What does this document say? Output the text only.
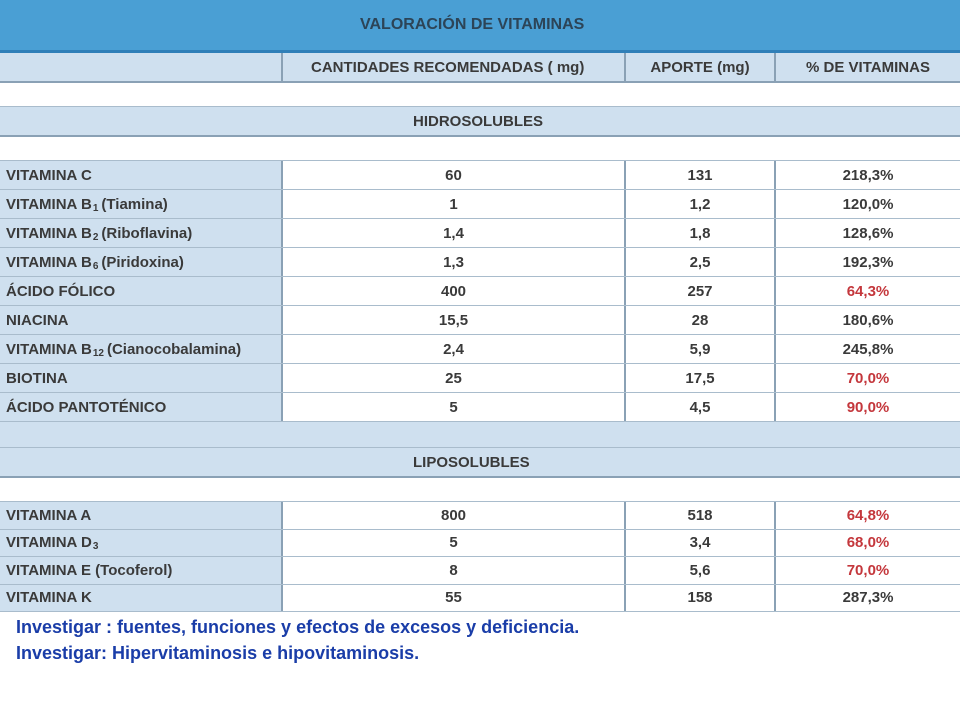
VALORACIÓN DE VITAMINAS
CANTIDADES RECOMENDADAS ( mg)	APORTE (mg)	% DE VITAMINAS
HIDROSOLUBLES
VITAMINA C	60	131	218,3%
VITAMINA B 1 (Tiamina)	1	1,2	120,0%
VITAMINA B 2 (Riboflavina)	1,4	1,8	128,6%
VITAMINA B 6 (Piridoxina)	1,3	2,5	192,3%
ÁCIDO FÓLICO	400	257	64,3%
NIACINA	15,5	28	180,6%
VITAMINA B 12 (Cianocobalamina)	2,4	5,9	245,8%
BIOTINA	25	17,5	70,0%
ÁCIDO PANTOTÉNICO	5	4,5	90,0%
LIPOSOLUBLES
VITAMINA A	800	518	64,8%
VITAMINA D 3	5	3,4	68,0%
VITAMINA E (Tocoferol)	8	5,6	70,0%
VITAMINA K	55	158	287,3%
Investigar : fuentes, funciones y efectos de excesos y deficiencia.
Investigar: Hipervitaminosis e hipovitaminosis.
